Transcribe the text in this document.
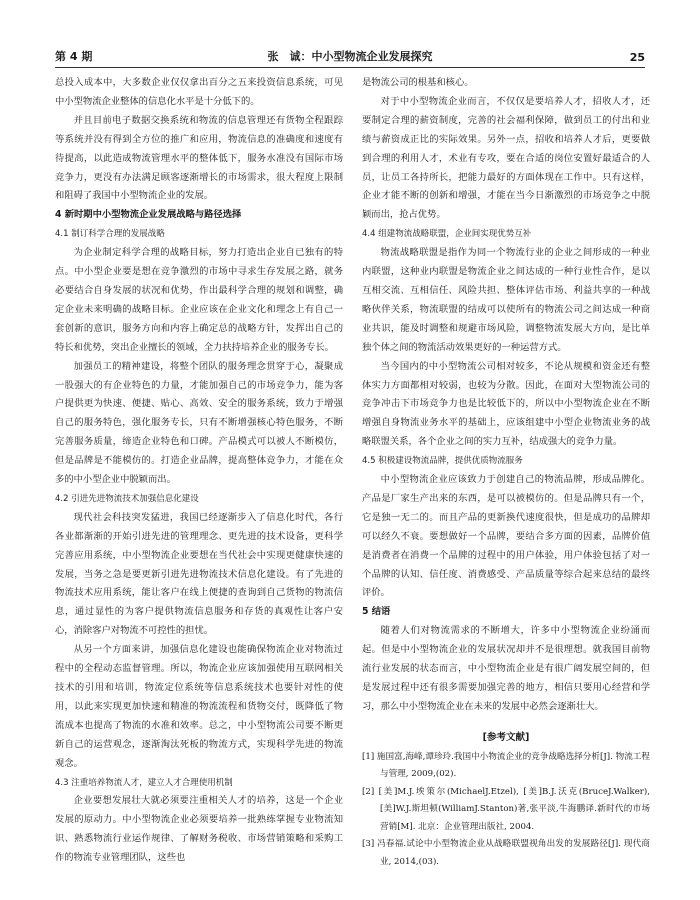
第 4 期	张　诚：中小型物流企业发展探究	25

总投入成本中，大多数企业仅仅拿出百分之五来投资信息系统，可见中小型物流企业整体的信息化水平是十分低下的。

并且目前电子数据交换系统和物流的信息管理还有货物全程跟踪等系统并没有得到全方位的推广和应用，物流信息的准确度和速度有待提高，以此造成物流管理水平的整体低下，服务水准没有国际市场竞争力，更没有办法满足顾客逐渐增长的市场需求，很大程度上限制和阻碍了我国中小型物流企业的发展。

4 新时期中小型物流企业发展战略与路径选择
4.1 制订科学合理的发展战略

为企业制定科学合理的战略目标，努力打造出企业自已独有的特点。中小型企业要是想在竞争激烈的市场中寻求生存发展之路，就务必要结合自身发展的状况和优势，作出最科学合理的规划和调整，确定企业未来明确的战略目标。企业应该在企业文化和理念上有自己一套创新的意识，服务方向和内容上确定总的战略方针，发挥出自己的特长和优势，突出企业擅长的领域，全力扶持培养企业的服务专长。

加强员工的精神建设，将整个团队的服务理念贯穿于心，凝聚成一股强大的有企业特色的力量，才能加强自己的市场竞争力，能为客户提供更为快速、便捷、贴心、高效、安全的服务系统，致力于增强自己的服务特色，强化服务专长，只有不断增强核心特色服务，不断完善服务质量，缔造企业特色和口碑。产品模式可以被人不断模仿，但是品牌是不能模仿的。打造企业品牌，提高整体竞争力，才能在众多的中小型企业中脱颖而出。

4.2 引进先进物流技术加强信息化建设

现代社会科技突发猛进，我国已经逐渐步入了信息化时代，各行各业都渐渐的开始引进先进的管理理念、更先进的技术设备，更科学完善应用系统，中小型物流企业要想在当代社会中实现更健康快速的发展，当务之急是要更新引进先进物流技术信息化建设。有了先进的物流技术应用系统，能让客户在线上便捷的查询到自己货物的物流信息，通过显性的为客户提供物流信息服务和存货的真观性让客户安心，消除客户对物流不可控性的担忧。

从另一个方面来讲，加强信息化建设也能确保物流企业对物流过程中的全程动态监督管理。所以，物流企业应该加强使用互联网相关技术的引用和培训，物流定位系统等信息系统技术也要针对性的使用，以此来实现更加快速和精准的物流流程和货物交付，既降低了物流成本也提高了物流的水准和效率。总之，中小型物流公司要不断更新自己的运营观念，逐渐淘汰死板的物流方式，实现科学先进的物流观念。

4.3 注重培养物流人才，建立人才合理使用机制

企业要想发展壮大就必须要注重相关人才的培养，这是一个企业发展的原动力。中小型物流企业必须要培养一批熟练掌握专业物流知识、熟悉物流行业运作规律、了解财务税收、市场营销策略和采购工作的物流专业管理团队，这些也

是物流公司的根基和核心。

对于中小型物流企业而言，不仅仅是要培养人才，招收人才，还要制定合理的薪资制度，完善的社会福利保障，做到员工的付出和业绩与薪资成正比的实际效果。另外一点，招收和培养人才后，更要做到合理的利用人才，术业有专攻，要在合适的岗位安置好最适合的人员，让员工各持所长，把能力最好的方面体现在工作中。只有这样，企业才能不断的创新和增强，才能在当今日渐激烈的市场竞争之中脱颖而出，抢占优势。

4.4 组建物流战略联盟，企业间实现优势互补

物流战略联盟是指作为同一个物流行业的企业之间形成的一种业内联盟，这种业内联盟是物流企业之间达成的一种行业性合作，是以互相交流、互相信任、风险共担、整体评估市场、利益共享的一种战略伙伴关系，物流联盟的结成可以使所有的物流公司之间达成一种商业共识，能及时调整和规避市场风险，调整物流发展大方向，是比单独个体之间的物流活动效果更好的一种运营方式。

当今国内的中小型物流公司相对较多，不论从规模和资金还有整体实力方面都相对较弱，也较为分散。因此，在面对大型物流公司的竞争冲击下市场竞争力也是比较低下的，所以中小型物流企业在不断增强自身物流业务水平的基础上，应该组建中小型企业物流业务的战略联盟关系，各个企业之间的实力互补，结成强大的竞争力量。

4.5 积极建设物流品牌，提供优质物流服务

中小型物流企业应该致力于创建自己的物流品牌，形成品牌化。产品是厂家生产出来的东西，是可以被模仿的。但是品牌只有一个，它是独一无二的。而且产品的更新换代速度很快，但是成功的品牌却可以经久不衰。要想做好一个品牌，要结合多方面的因素，品牌价值是消费者在消费一个品牌的过程中的用户体验，用户体验包括了对一个品牌的认知、信任度、消费感受、产品质量等综合起来总结的最终评价。

5 结语

随着人们对物流需求的不断增大，许多中小型物流企业纷涌而起。但是中小型物流企业的发展状况却并不是很理想。就我国目前物流行业发展的状态而言，中小型物流企业是有很广阔发展空间的，但是发展过程中还有很多需要加强完善的地方，相信只要用心经营和学习，那么中小型物流企业在未来的发展中必然会逐渐壮大。

[参考文献]

[1] 施国富,海峰,谭珍玲.我国中小物流企业的竞争战略选择分析[J]. 物流工程与管理, 2009,(02).

[2] [美]M.J.埃策尔(MichaelJ.Etzel), [美]B.J.沃克(BruceJ.Walker), [美]W.J.斯坦顿(WilliamJ.Stanton)著,张平淡,牛海鹏译.新时代的市场营销[M]. 北京：企业管理出版社, 2004.

[3] 冯春福.试论中小型物流企业从战略联盟视角出发的发展路径[J]. 现代商业, 2014,(03).
